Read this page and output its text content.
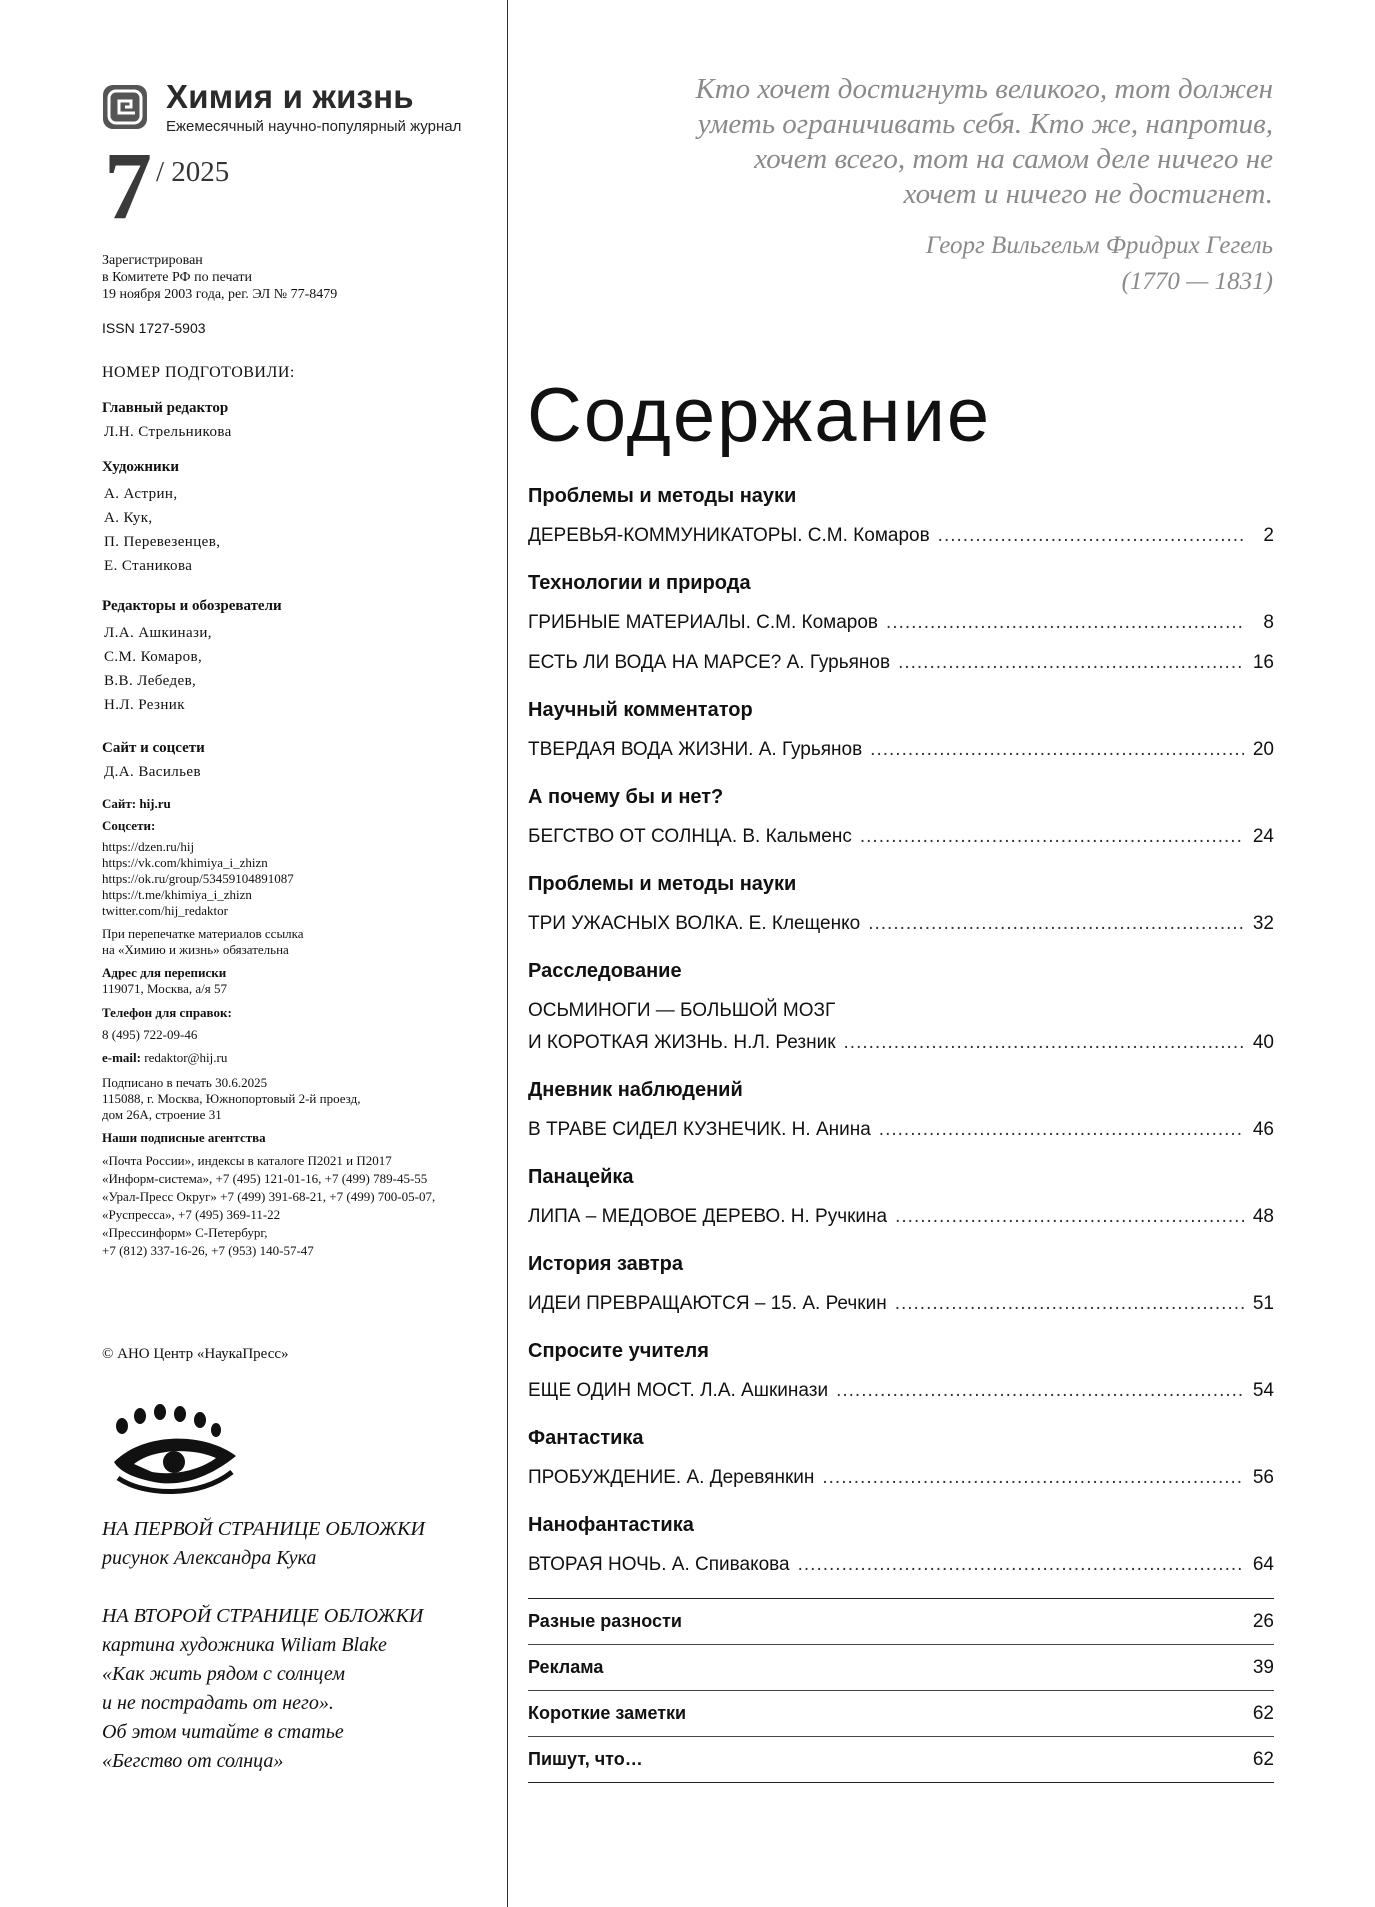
Химия и жизнь
Ежемесячный научно-популярный журнал
7 / 2025
Зарегистрирован
в Комитете РФ по печати
19 ноября 2003 года, рег. ЭЛ № 77-8479
ISSN 1727-5903
НОМЕР ПОДГОТОВИЛИ:
Главный редактор
Л.Н. Стрельникова
Художники
А. Астрин,
А. Кук,
П. Перевезенцев,
Е. Станикова
Редакторы и обозреватели
Л.А. Ашкинази,
С.М. Комаров,
В.В. Лебедев,
Н.Л. Резник
Сайт и соцсети
Д.А. Васильев
Сайт: hij.ru
Соцсети:
https://dzen.ru/hij
https://vk.com/khimiya_i_zhizn
https://ok.ru/group/53459104891087
https://t.me/khimiya_i_zhizn
twitter.com/hij_redaktor
При перепечатке материалов ссылка
на «Химию и жизнь» обязательна
Адрес для переписки
119071, Москва, а/я 57
Телефон для справок:
8 (495) 722-09-46
e-mail: redaktor@hij.ru
Подписано в печать 30.6.2025
115088, г. Москва, Южнопортовый 2-й проезд,
дом 26А, строение 31
Наши подписные агентства
«Почта России», индексы в каталоге П2021 и П2017
«Информ-система», +7 (495) 121-01-16, +7 (499) 789-45-55
«Урал-Пресс Округ» +7 (499) 391-68-21, +7 (499) 700-05-07,
«Руспресса», +7 (495) 369-11-22
«Прессинформ» С-Петербург,
+7 (812) 337-16-26, +7 (953) 140-57-47
© АНО Центр «НаукаПресс»
НА ПЕРВОЙ СТРАНИЦЕ ОБЛОЖКИ
рисунок Александра Кука
НА ВТОРОЙ СТРАНИЦЕ ОБЛОЖКИ
картина художника Wiliam Blake
«Как жить рядом с солнцем
и не пострадать от него».
Об этом читайте в статье
«Бегство от солнца»
Кто хочет достигнуть великого, тот должен
уметь ограничивать себя. Кто же, напротив,
хочет всего, тот на самом деле ничего не
хочет и ничего не достигнет.
Георг Вильгельм Фридрих Гегель
(1770 — 1831)
Содержание
Проблемы и методы науки
ДЕРЕВЬЯ-КОММУНИКАТОРЫ. С.М. Комаров .....	2
Технологии и природа
ГРИБНЫЕ МАТЕРИАЛЫ. С.М. Комаров .....	8
ЕСТЬ ЛИ ВОДА НА МАРСЕ? А. Гурьянов .....	16
Научный комментатор
ТВЕРДАЯ ВОДА ЖИЗНИ. А. Гурьянов .....	20
А почему бы и нет?
БЕГСТВО ОТ СОЛНЦА. В. Кальменс .....	24
Проблемы и методы науки
ТРИ УЖАСНЫХ ВОЛКА. Е. Клещенко .....	32
Расследование
ОСЬМИНОГИ — БОЛЬШОЙ МОЗГ
И КОРОТКАЯ ЖИЗНЬ. Н.Л. Резник .....	40
Дневник наблюдений
В ТРАВЕ СИДЕЛ КУЗНЕЧИК. Н. Анина .....	46
Панацейка
ЛИПА – МЕДОВОЕ ДЕРЕВО. Н. Ручкина .....	48
История завтра
ИДЕИ ПРЕВРАЩАЮТСЯ – 15. А. Речкин .....	51
Спросите учителя
ЕЩЕ ОДИН МОСТ. Л.А. Ашкинази .....	54
Фантастика
ПРОБУЖДЕНИЕ. А. Деревянкин .....	56
Нанофантастика
ВТОРАЯ НОЧЬ. А. Спивакова .....	64
Разные разности	26
Реклама	39
Короткие заметки	62
Пишут, что…	62
